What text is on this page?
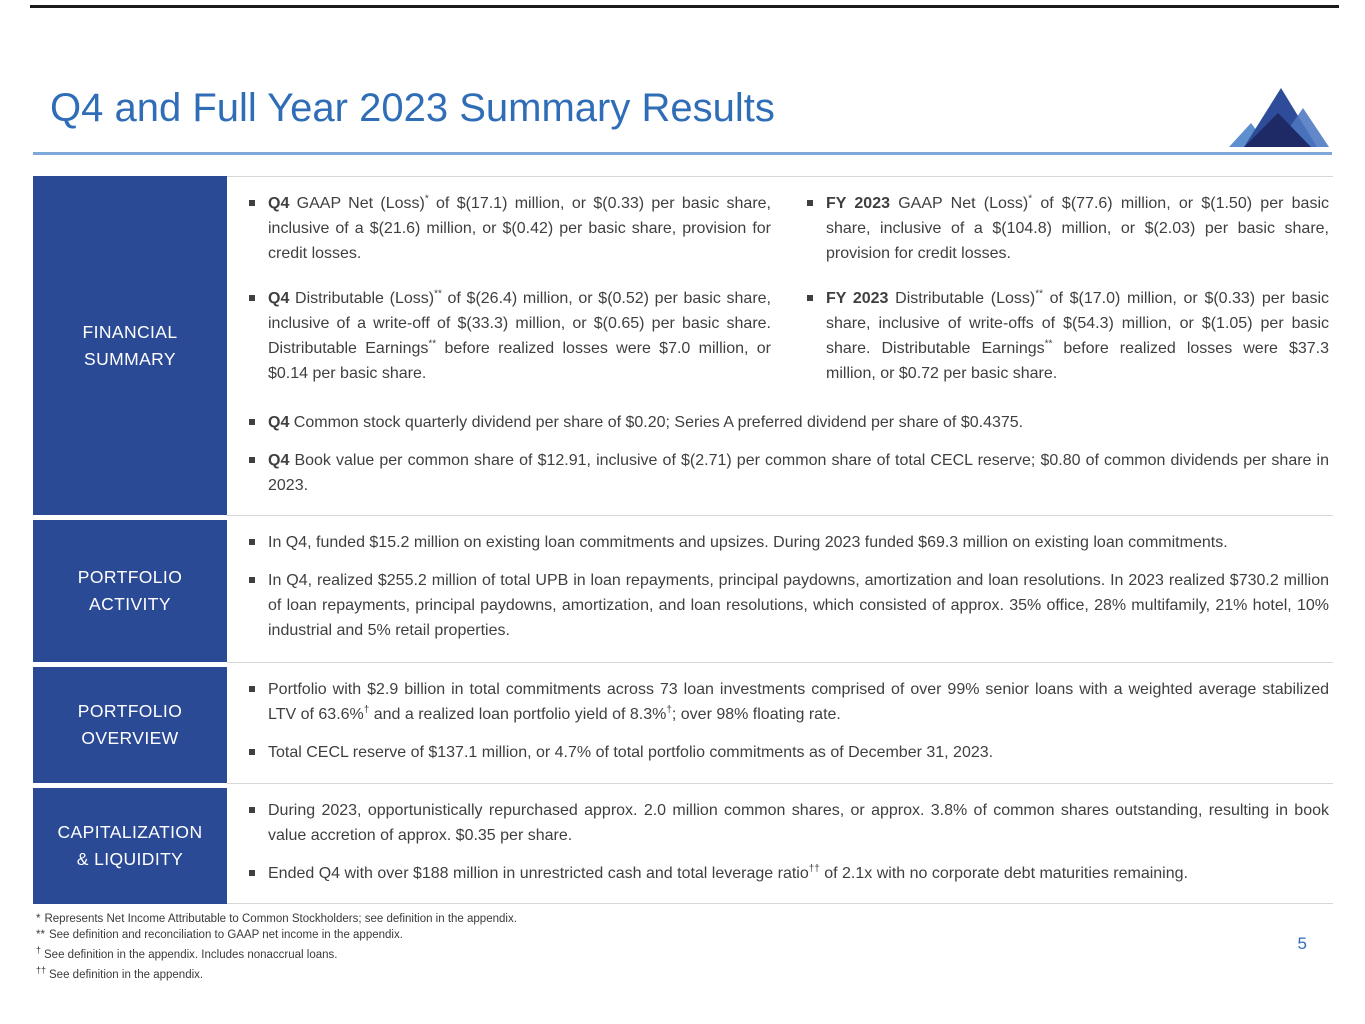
Q4 and Full Year 2023 Summary Results
FINANCIAL
SUMMARY
Q4 GAAP Net (Loss)* of $(17.1) million, or $(0.33) per basic share, inclusive of a $(21.6) million, or $(0.42) per basic share, provision for credit losses.
Q4 Distributable (Loss)** of $(26.4) million, or $(0.52) per basic share, inclusive of a write-off of $(33.3) million, or $(0.65) per basic share. Distributable Earnings** before realized losses were $7.0 million, or $0.14 per basic share.
FY 2023 GAAP Net (Loss)* of $(77.6) million, or $(1.50) per basic share, inclusive of a $(104.8) million, or $(2.03) per basic share, provision for credit losses.
FY 2023 Distributable (Loss)** of $(17.0) million, or $(0.33) per basic share, inclusive of write-offs of $(54.3) million, or $(1.05) per basic share. Distributable Earnings** before realized losses were $37.3 million, or $0.72 per basic share.
Q4 Common stock quarterly dividend per share of $0.20; Series A preferred dividend per share of $0.4375.
Q4 Book value per common share of $12.91, inclusive of $(2.71) per common share of total CECL reserve; $0.80 of common dividends per share in 2023.
PORTFOLIO
ACTIVITY
In Q4, funded $15.2 million on existing loan commitments and upsizes. During 2023 funded $69.3 million on existing loan commitments.
In Q4, realized $255.2 million of total UPB in loan repayments, principal paydowns, amortization and loan resolutions. In 2023 realized $730.2 million of loan repayments, principal paydowns, amortization, and loan resolutions, which consisted of approx. 35% office, 28% multifamily, 21% hotel, 10% industrial and 5% retail properties.
PORTFOLIO
OVERVIEW
Portfolio with $2.9 billion in total commitments across 73 loan investments comprised of over 99% senior loans with a weighted average stabilized LTV of 63.6%† and a realized loan portfolio yield of 8.3%†; over 98% floating rate.
Total CECL reserve of $137.1 million, or 4.7% of total portfolio commitments as of December 31, 2023.
CAPITALIZATION
& LIQUIDITY
During 2023, opportunistically repurchased approx. 2.0 million common shares, or approx. 3.8% of common shares outstanding, resulting in book value accretion of approx. $0.35 per share.
Ended Q4 with over $188 million in unrestricted cash and total leverage ratio†† of 2.1x with no corporate debt maturities remaining.
* Represents Net Income Attributable to Common Stockholders; see definition in the appendix.
** See definition and reconciliation to GAAP net income in the appendix.
† See definition in the appendix. Includes nonaccrual loans.
†† See definition in the appendix.
5
